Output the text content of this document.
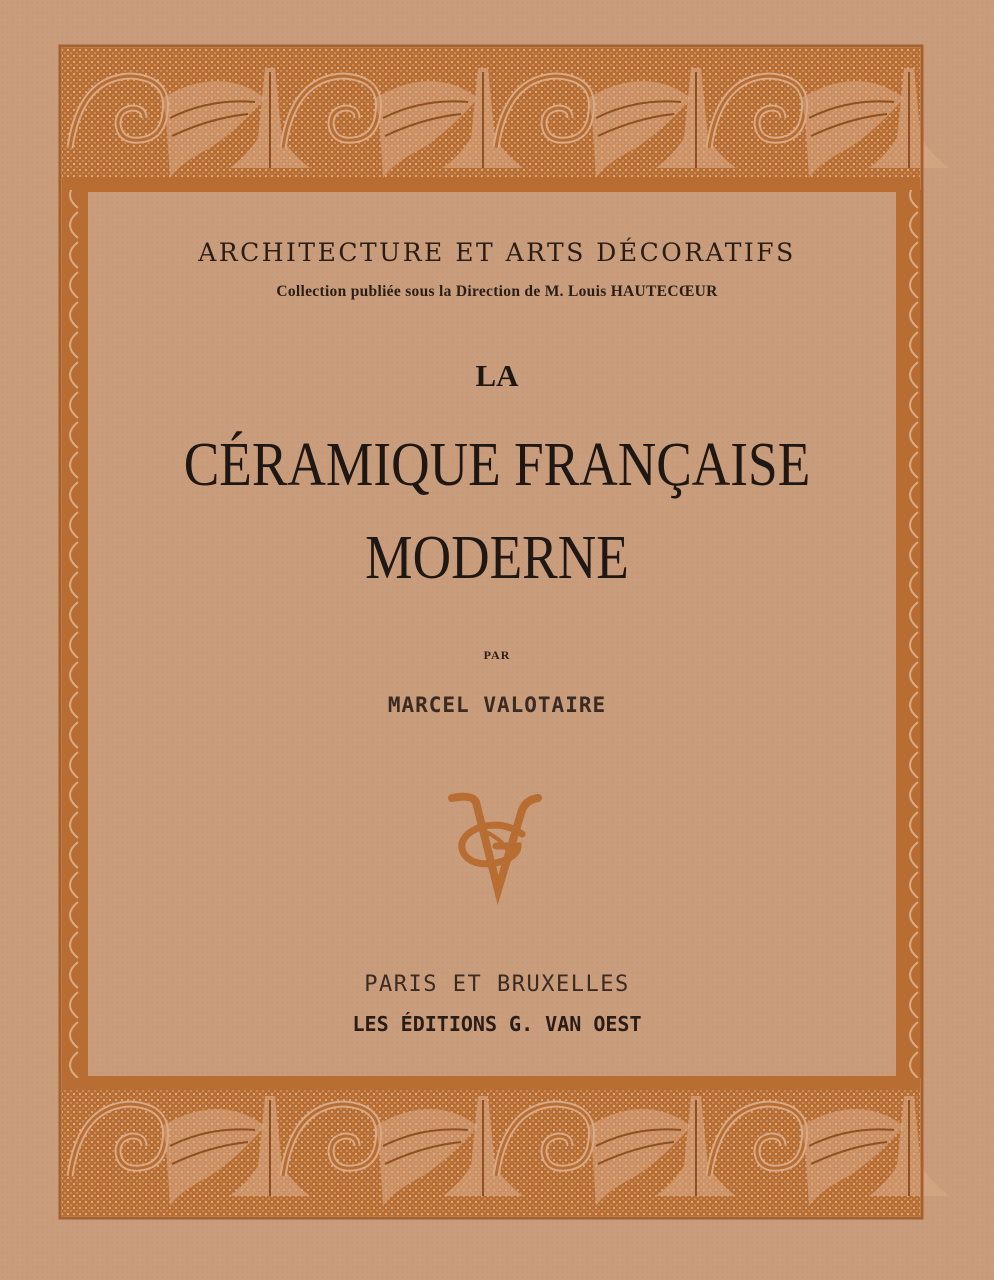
ARCHITECTURE ET ARTS DÉCORATIFS
Collection publiée sous la Direction de M. Louis HAUTECŒUR
LA
CÉRAMIQUE FRANÇAISE
MODERNE
PAR
MARCEL VALOTAIRE
PARIS ET BRUXELLES
LES ÉDITIONS G. VAN OEST
